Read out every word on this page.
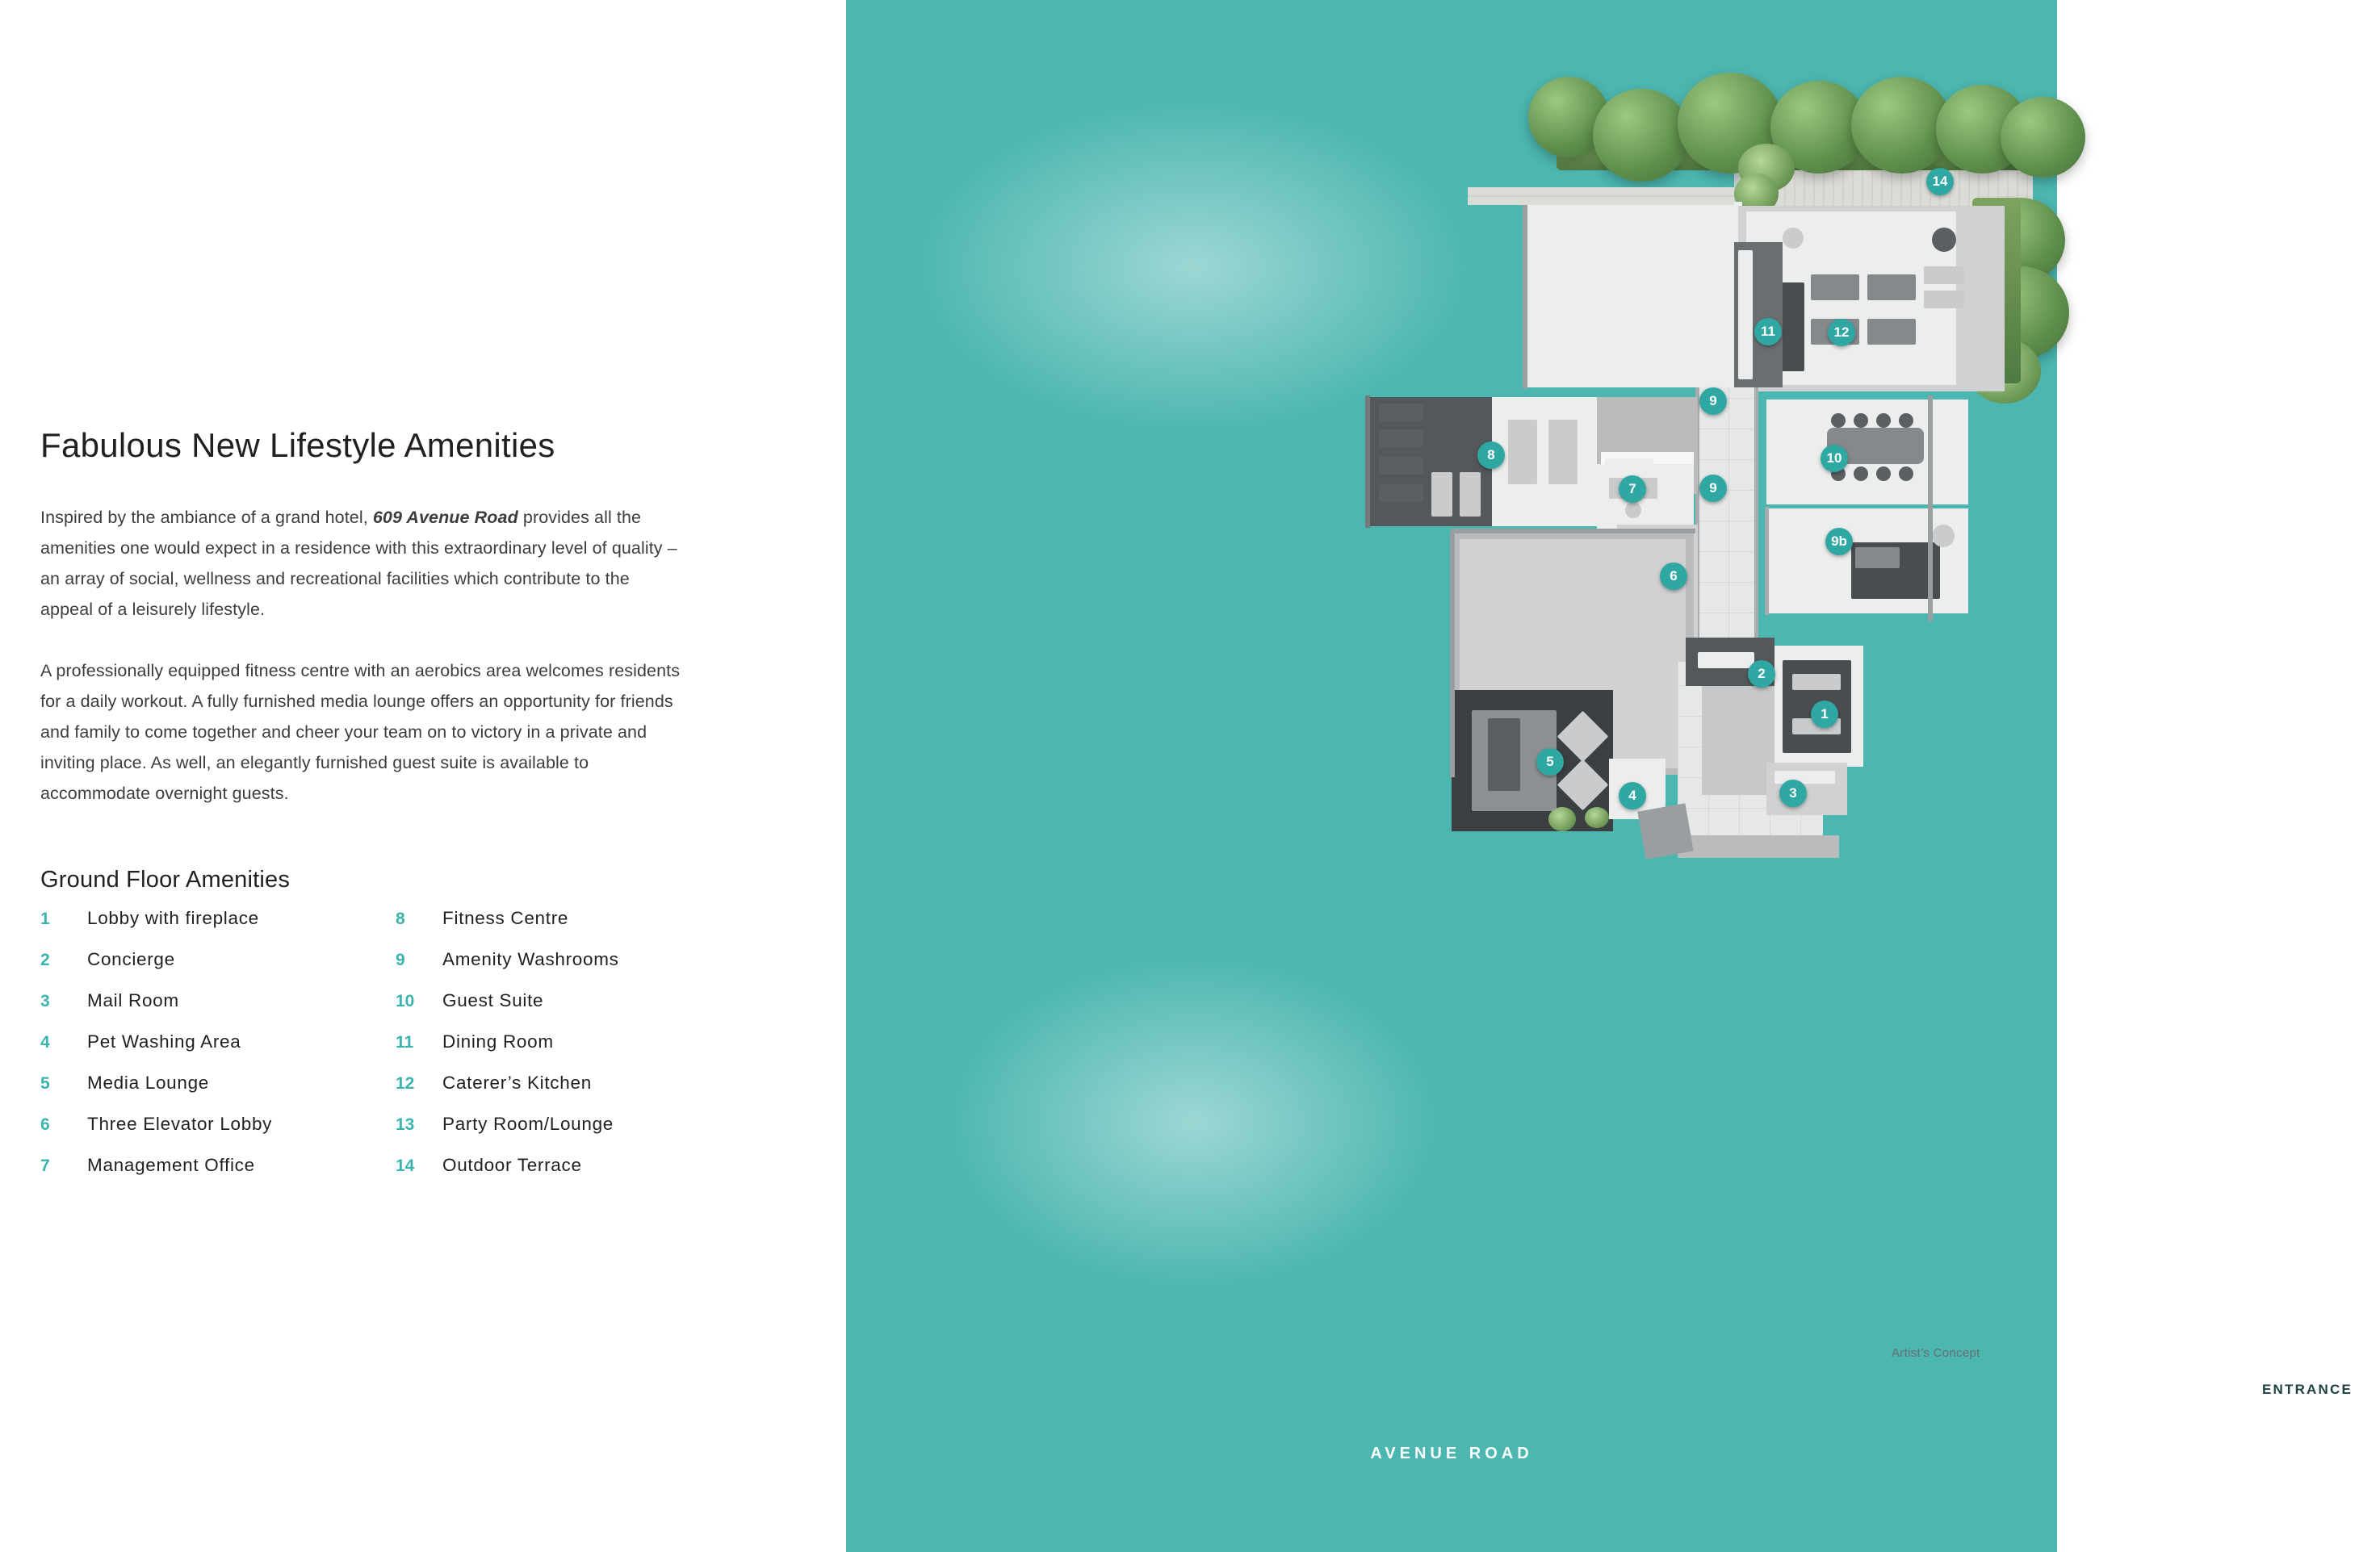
Fabulous New Lifestyle Amenities

Inspired by the ambiance of a grand hotel, 609 Avenue Road provides all the amenities one would expect in a residence with this extraordinary level of quality – an array of social, wellness and recreational facilities which contribute to the appeal of a leisurely lifestyle.

A professionally equipped fitness centre with an aerobics area welcomes residents for a daily workout. A fully furnished media lounge offers an opportunity for friends and family to come together and cheer your team on to victory in a private and inviting place. As well, an elegantly furnished guest suite is available to accommodate overnight guests.

Ground Floor Amenities
1	Lobby with fireplace
2	Concierge
3	Mail Room
4	Pet Washing Area
5	Media Lounge
6	Three Elevator Lobby
7	Management Office
8	Fitness Centre
9	Amenity Washrooms
10	Guest Suite
11	Dining Room
12	Caterer’s Kitchen
13	Party Room/Lounge
14	Outdoor Terrace
14
11	12
9
10
8
7	9
9b
6
2
1
5
4	3
Artist’s Concept
ENTRANCE
AVENUE ROAD
